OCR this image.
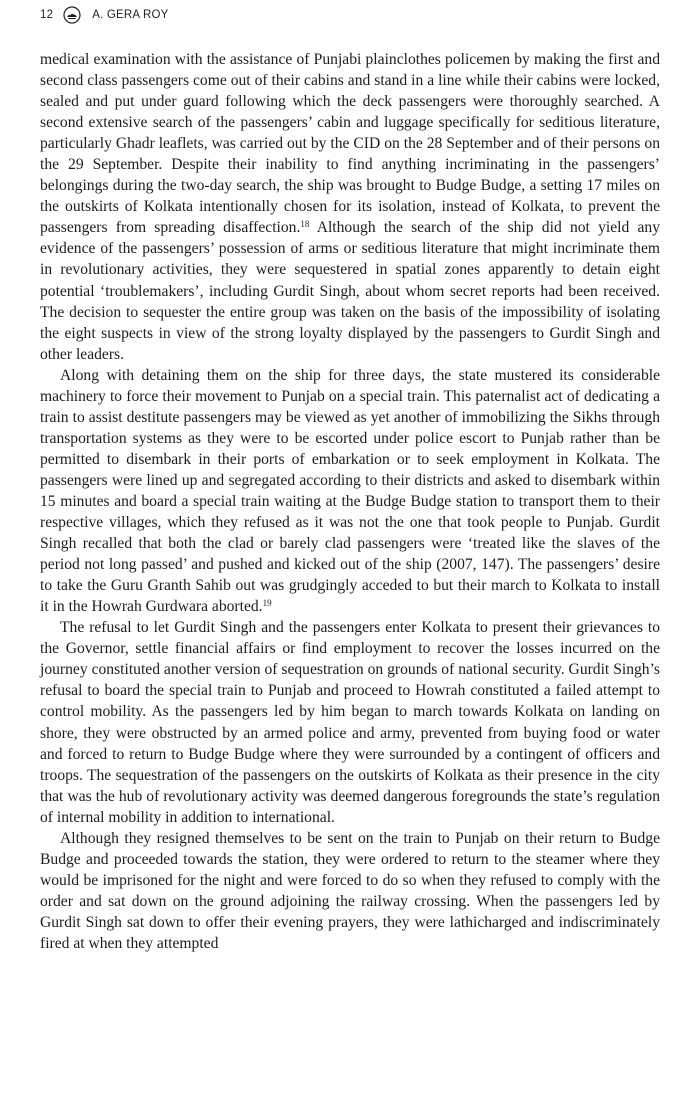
12	A. GERA ROY

medical examination with the assistance of Punjabi plainclothes policemen by making the first and second class passengers come out of their cabins and stand in a line while their cabins were locked, sealed and put under guard following which the deck passengers were thoroughly searched. A second extensive search of the passengers’ cabin and luggage specifically for seditious literature, particularly Ghadr leaflets, was carried out by the CID on the 28 September and of their persons on the 29 September. Despite their inability to find anything incriminating in the passengers’ belongings during the two-day search, the ship was brought to Budge Budge, a setting 17 miles on the outskirts of Kolkata intentionally chosen for its isolation, instead of Kolkata, to prevent the passengers from spreading disaffection.$^{18}$ Although the search of the ship did not yield any evidence of the passengers’ possession of arms or seditious literature that might incriminate them in revolutionary activities, they were sequestered in spatial zones apparently to detain eight potential ‘troublemakers’, including Gurdit Singh, about whom secret reports had been received. The decision to sequester the entire group was taken on the basis of the impossibility of isolating the eight suspects in view of the strong loyalty displayed by the passengers to Gurdit Singh and other leaders.

Along with detaining them on the ship for three days, the state mustered its considerable machinery to force their movement to Punjab on a special train. This paternalist act of dedicating a train to assist destitute passengers may be viewed as yet another of immobilizing the Sikhs through transportation systems as they were to be escorted under police escort to Punjab rather than be permitted to disembark in their ports of embarkation or to seek employment in Kolkata. The passengers were lined up and segregated according to their districts and asked to disembark within 15 minutes and board a special train waiting at the Budge Budge station to transport them to their respective villages, which they refused as it was not the one that took people to Punjab. Gurdit Singh recalled that both the clad or barely clad passengers were ‘treated like the slaves of the period not long passed’ and pushed and kicked out of the ship (2007, 147). The passengers’ desire to take the Guru Granth Sahib out was grudgingly acceded to but their march to Kolkata to install it in the Howrah Gurdwara aborted.$^{19}$

The refusal to let Gurdit Singh and the passengers enter Kolkata to present their grievances to the Governor, settle financial affairs or find employment to recover the losses incurred on the journey constituted another version of sequestration on grounds of national security. Gurdit Singh’s refusal to board the special train to Punjab and proceed to Howrah constituted a failed attempt to control mobility. As the passengers led by him began to march towards Kolkata on landing on shore, they were obstructed by an armed police and army, prevented from buying food or water and forced to return to Budge Budge where they were surrounded by a contingent of officers and troops. The sequestration of the passengers on the outskirts of Kolkata as their presence in the city that was the hub of revolutionary activity was deemed dangerous foregrounds the state’s regulation of internal mobility in addition to international.

Although they resigned themselves to be sent on the train to Punjab on their return to Budge Budge and proceeded towards the station, they were ordered to return to the steamer where they would be imprisoned for the night and were forced to do so when they refused to comply with the order and sat down on the ground adjoining the railway crossing. When the passengers led by Gurdit Singh sat down to offer their evening prayers, they were lathicharged and indiscriminately fired at when they attempted
